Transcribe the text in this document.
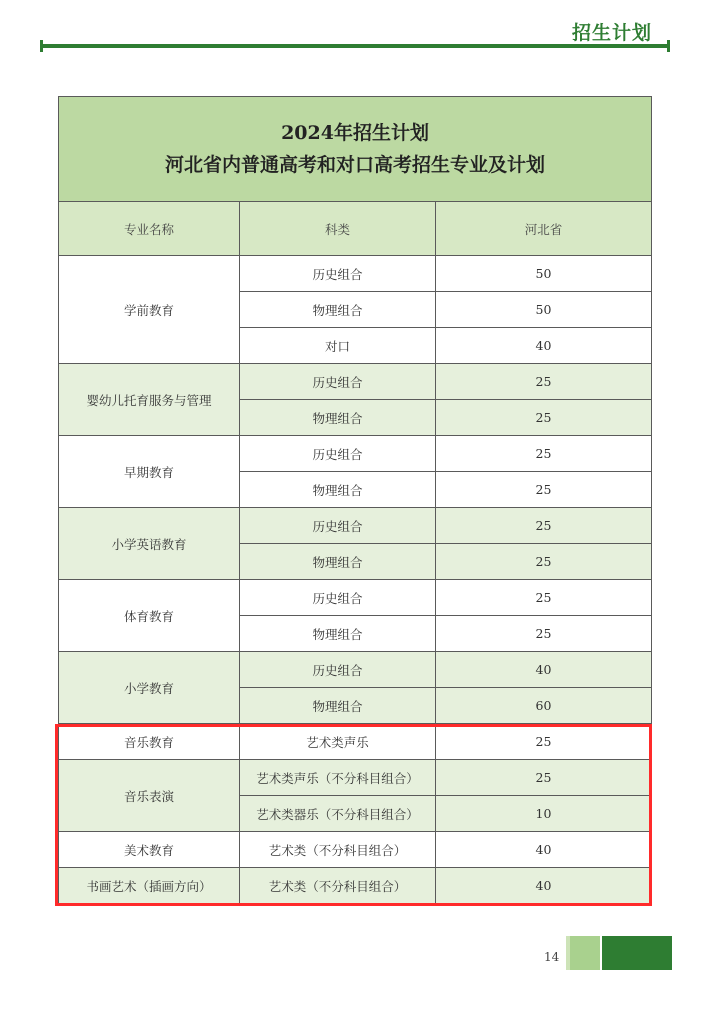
招生计划
2024年招生计划
河北省内普通高考和对口高考招生专业及计划		

专业名称	科类	河北省
学前教育	历史组合	50
	物理组合	50
	对口	40
婴幼儿托育服务与管理	历史组合	25
	物理组合	25
早期教育	历史组合	25
	物理组合	25
小学英语教育	历史组合	25
	物理组合	25
体育教育	历史组合	25
	物理组合	25
小学教育	历史组合	40
	物理组合	60
音乐教育	艺术类声乐	25
音乐表演	艺术类声乐（不分科目组合）	25
	艺术类器乐（不分科目组合）	10
美术教育	艺术类（不分科目组合）	40
书画艺术（插画方向）	艺术类（不分科目组合）	40
14
